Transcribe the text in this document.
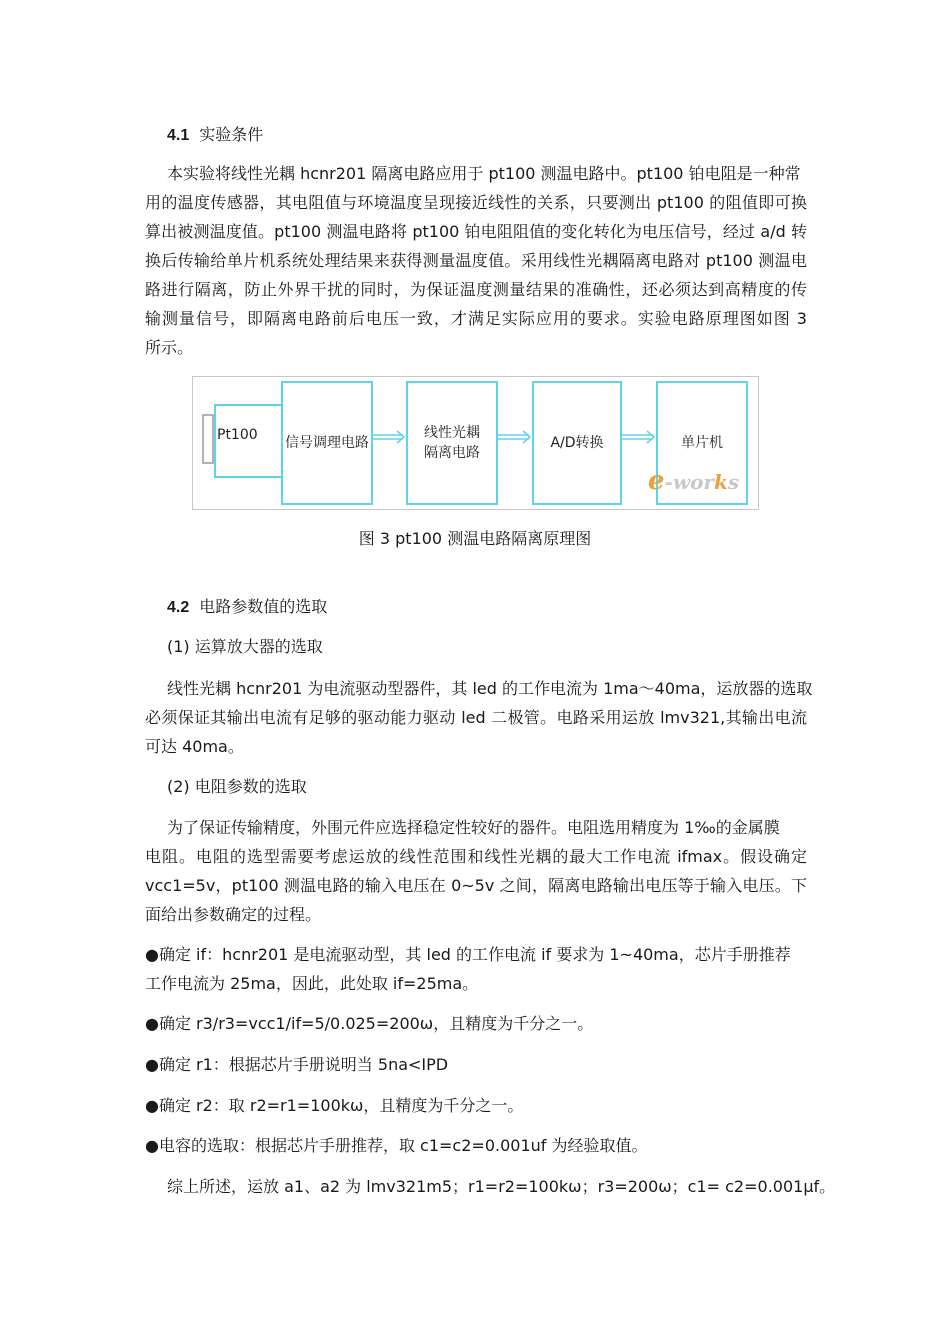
4.1 实验条件
本实验将线性光耦 hcnr201 隔离电路应用于 pt100 测温电路中。pt100 铂电阻是一种常
用的温度传感器，其电阻值与环境温度呈现接近线性的关系，只要测出 pt100 的阻值即可换
算出被测温度值。pt100 测温电路将 pt100 铂电阻阻值的变化转化为电压信号，经过 a/d 转
换后传输给单片机系统处理结果来获得测量温度值。采用线性光耦隔离电路对 pt100 测温电
路进行隔离，防止外界干扰的同时，为保证温度测量结果的准确性，还必须达到高精度的传
输测量信号，即隔离电路前后电压一致，才满足实际应用的要求。实验电路原理图如图 3
所示。
4.2 电路参数值的选取
(1) 运算放大器的选取
线性光耦 hcnr201 为电流驱动型器件，其 led 的工作电流为 1ma～40ma，运放器的选取
必须保证其输出电流有足够的驱动能力驱动 led 二极管。电路采用运放 lmv321,其输出电流
可达 40ma。
(2) 电阻参数的选取
为了保证传输精度，外围元件应选择稳定性较好的器件。电阻选用精度为 1‰的金属膜
电阻。电阻的选型需要考虑运放的线性范围和线性光耦的最大工作电流 ifmax。假设确定
vcc1=5v，pt100 测温电路的输入电压在 0~5v 之间，隔离电路输出电压等于输入电压。下
面给出参数确定的过程。
●确定 if：hcnr201 是电流驱动型，其 led 的工作电流 if 要求为 1~40ma，芯片手册推荐
工作电流为 25ma，因此，此处取 if=25ma。
●确定 r3/r3=vcc1/if=5/0.025=200ω，且精度为千分之一。
●确定 r1：根据芯片手册说明当 5na<IPD
●确定 r2：取 r2=r1=100kω，且精度为千分之一。
●电容的选取：根据芯片手册推荐，取 c1=c2=0.001uf 为经验取值。
综上所述，运放 a1、a2 为 lmv321m5；r1=r2=100kω；r3=200ω；c1= c2=0.001μf。
Pt100 信号调理电路
线性光耦
隔离电路
A/D转换	单片机
e-works
图 3 pt100 测温电路隔离原理图
